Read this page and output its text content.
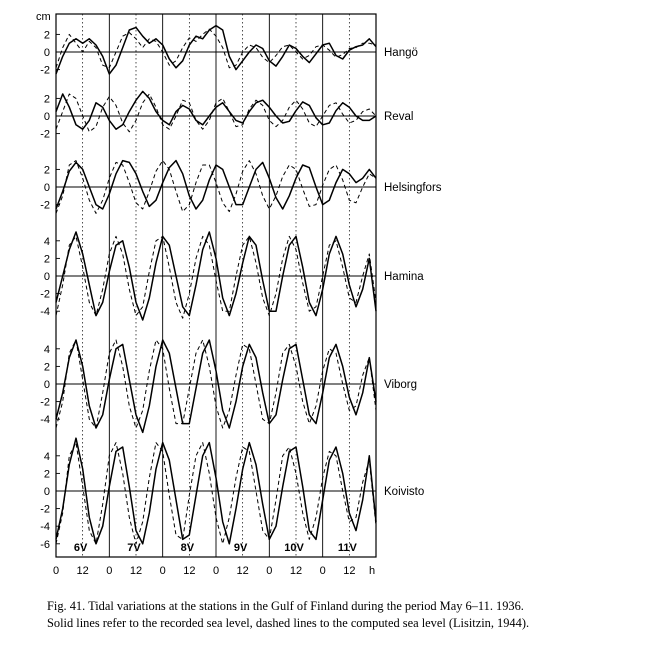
cm
2
0
-2
Hangö
2
0
-2
Reval
2
0
-2
Helsingfors
4
2
0
-2
-4
Hamina
4
2
0
-2
-4
Viborg
4
2
0
-2
-4
-6
Koivisto
6V	7V	8V	9V	10V	11V
0 12 0 12 0 12 0 12 0 12 0 12 h

Fig. 41. Tidal variations at the stations in the Gulf of Finland during the period May 6–11. 1936.

Solid lines refer to the recorded sea level, dashed lines to the computed sea level (Lisitzin, 1944).
